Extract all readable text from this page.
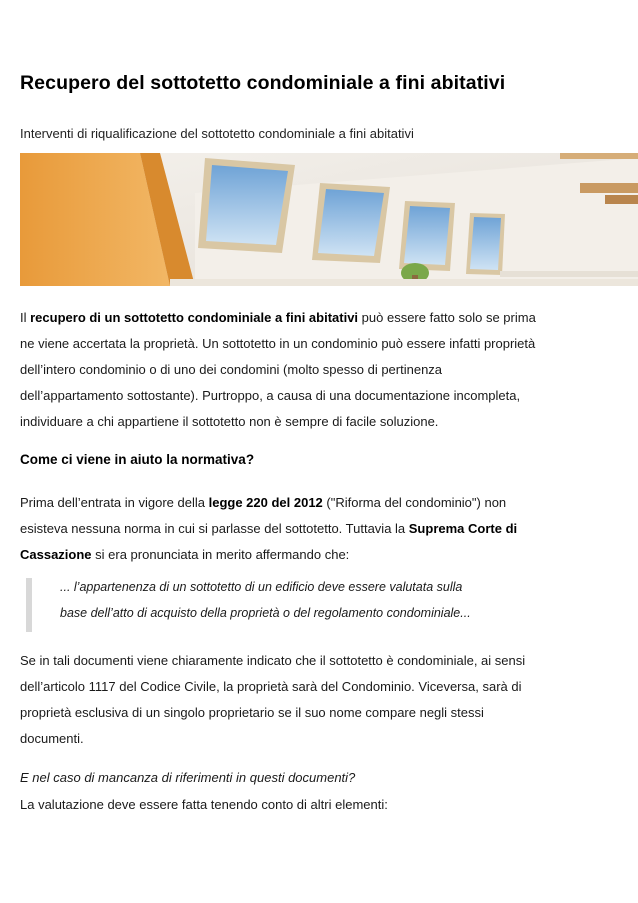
Recupero del sottotetto condominiale a fini abitativi

Interventi di riqualificazione del sottotetto condominiale a fini abitativi

Il recupero di un sottotetto condominiale a fini abitativi può essere fatto solo se prima
ne viene accertata la proprietà. Un sottotetto in un condominio può essere infatti proprietà
dell’intero condominio o di uno dei condomini (molto spesso di pertinenza
dell’appartamento sottostante). Purtroppo, a causa di una documentazione incompleta,
individuare a chi appartiene il sottotetto non è sempre di facile soluzione.

Come ci viene in aiuto la normativa?

Prima dell’entrata in vigore della legge 220 del 2012 ("Riforma del condominio") non
esisteva nessuna norma in cui si parlasse del sottotetto. Tuttavia la Suprema Corte di
Cassazione si era pronunciata in merito affermando che:

... l’appartenenza di un sottotetto di un edificio deve essere valutata sulla
base dell’atto di acquisto della proprietà o del regolamento condominiale...

Se in tali documenti viene chiaramente indicato che il sottotetto è condominiale, ai sensi
dell’articolo 1117 del Codice Civile, la proprietà sarà del Condominio. Viceversa, sarà di
proprietà esclusiva di un singolo proprietario se il suo nome compare negli stessi
documenti.

E nel caso di mancanza di riferimenti in questi documenti?

La valutazione deve essere fatta tenendo conto di altri elementi:
